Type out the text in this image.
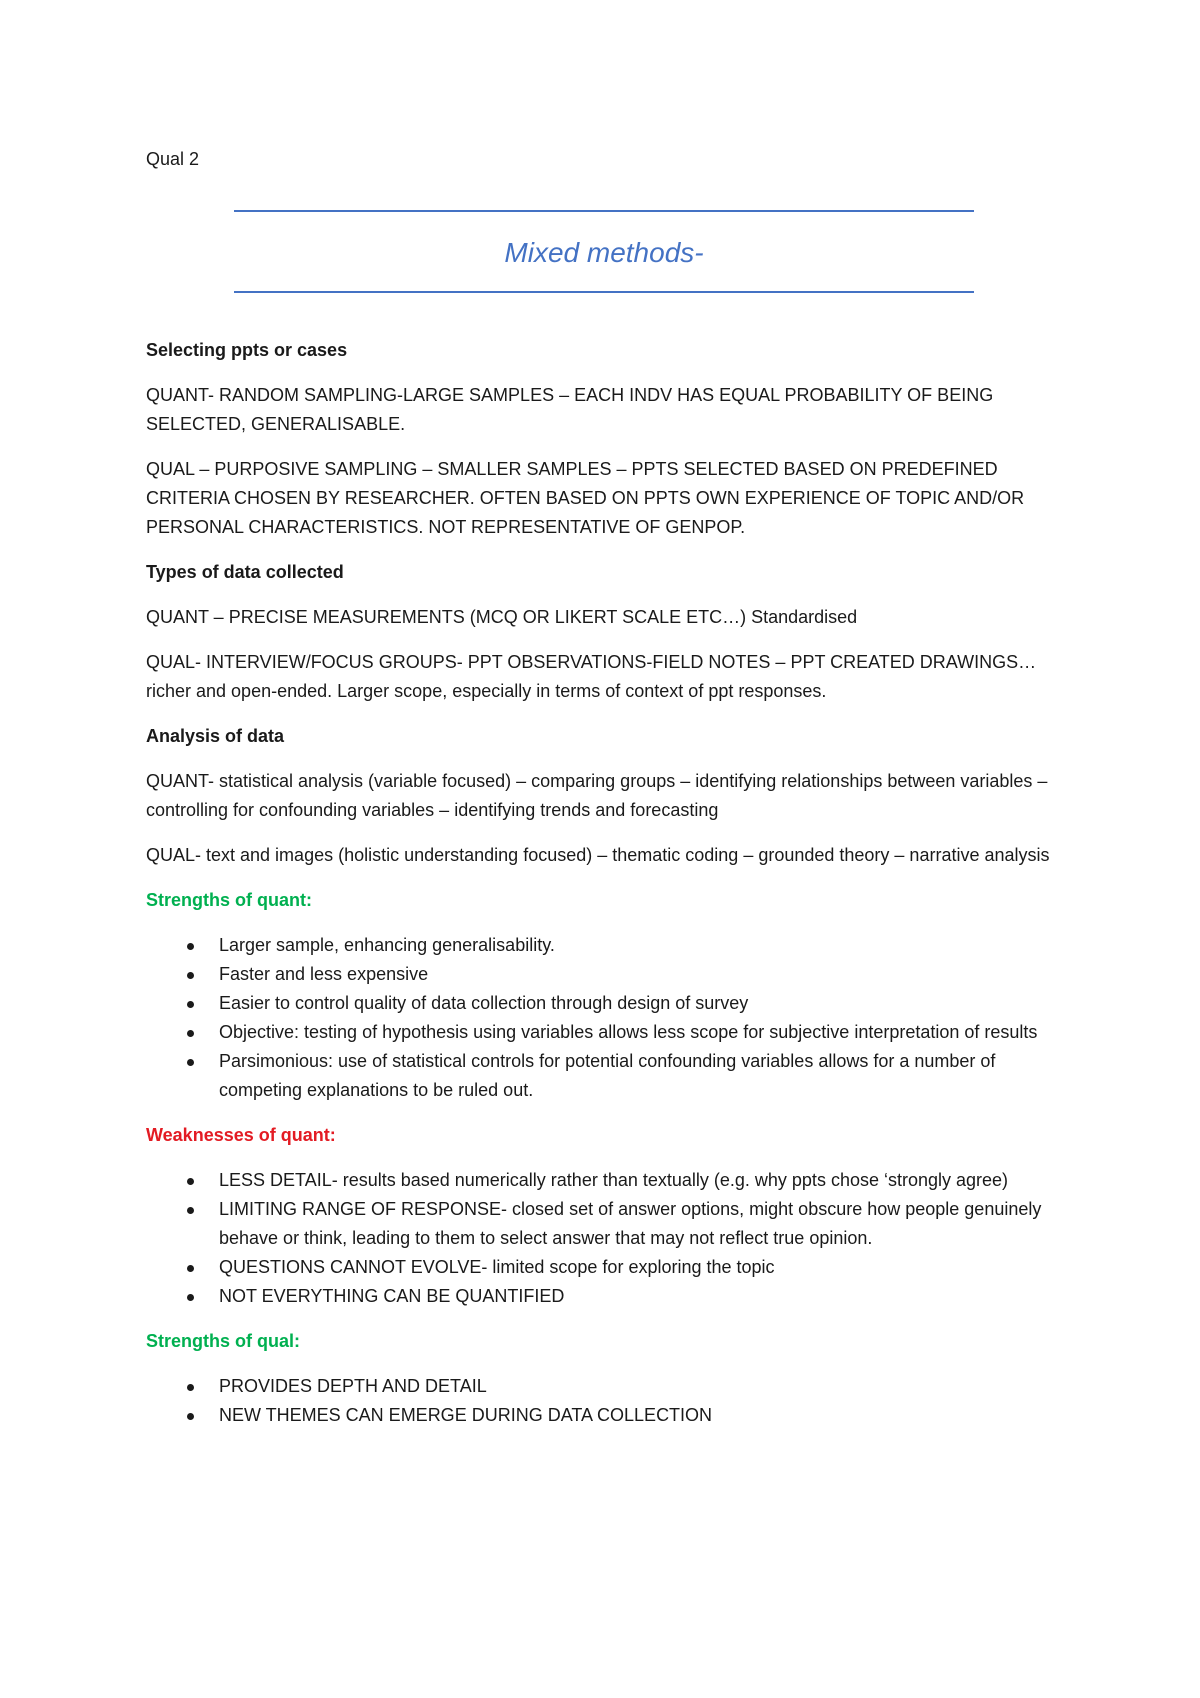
Qual 2
Mixed methods-
Selecting ppts or cases

QUANT- RANDOM SAMPLING-LARGE SAMPLES – EACH INDV HAS EQUAL PROBABILITY OF BEING SELECTED, GENERALISABLE.

QUAL – PURPOSIVE SAMPLING – SMALLER SAMPLES – PPTS SELECTED BASED ON PREDEFINED CRITERIA CHOSEN BY RESEARCHER. OFTEN BASED ON PPTS OWN EXPERIENCE OF TOPIC AND/OR PERSONAL CHARACTERISTICS. NOT REPRESENTATIVE OF GENPOP.

Types of data collected

QUANT – PRECISE MEASUREMENTS (MCQ OR LIKERT SCALE ETC…) Standardised

QUAL- INTERVIEW/FOCUS GROUPS- PPT OBSERVATIONS-FIELD NOTES – PPT CREATED DRAWINGS… richer and open-ended. Larger scope, especially in terms of context of ppt responses.

Analysis of data

QUANT- statistical analysis (variable focused) – comparing groups – identifying relationships between variables – controlling for confounding variables – identifying trends and forecasting

QUAL- text and images (holistic understanding focused) – thematic coding – grounded theory – narrative analysis

Strengths of quant:
Larger sample, enhancing generalisability.
Faster and less expensive
Easier to control quality of data collection through design of survey
Objective: testing of hypothesis using variables allows less scope for subjective interpretation of results
Parsimonious: use of statistical controls for potential confounding variables allows for a number of competing explanations to be ruled out.
Weaknesses of quant:
LESS DETAIL- results based numerically rather than textually (e.g. why ppts chose ‘strongly agree)
LIMITING RANGE OF RESPONSE- closed set of answer options, might obscure how people genuinely behave or think, leading to them to select answer that may not reflect true opinion.
QUESTIONS CANNOT EVOLVE- limited scope for exploring the topic
NOT EVERYTHING CAN BE QUANTIFIED
Strengths of qual:
PROVIDES DEPTH AND DETAIL
NEW THEMES CAN EMERGE DURING DATA COLLECTION
